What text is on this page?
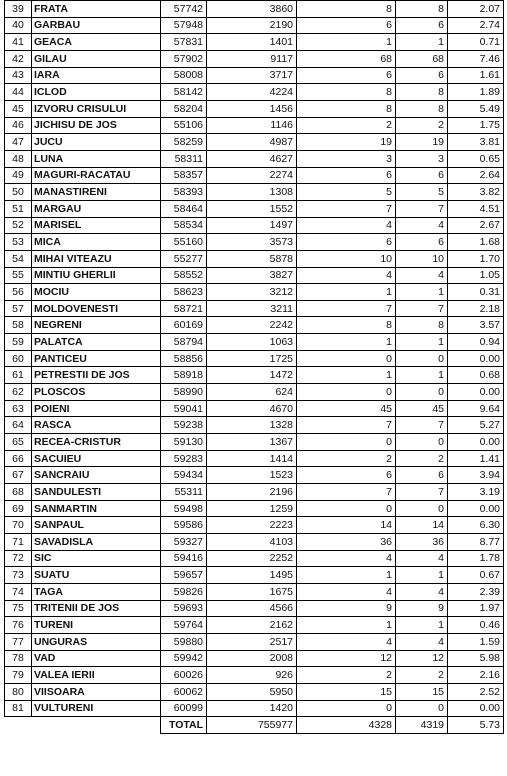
39	FRATA	57742	3860	8	8	2.07
40	GARBAU	57948	2190	6	6	2.74
41	GEACA	57831	1401	1	1	0.71
42	GILAU	57902	9117	68	68	7.46
43	IARA	58008	3717	6	6	1.61
44	ICLOD	58142	4224	8	8	1.89
45	IZVORU CRISULUI	58204	1456	8	8	5.49
46	JICHISU DE JOS	55106	1146	2	2	1.75
47	JUCU	58259	4987	19	19	3.81
48	LUNA	58311	4627	3	3	0.65
49	MAGURI-RACATAU	58357	2274	6	6	2.64
50	MANASTIRENI	58393	1308	5	5	3.82
51	MARGAU	58464	1552	7	7	4.51
52	MARISEL	58534	1497	4	4	2.67
53	MICA	55160	3573	6	6	1.68
54	MIHAI VITEAZU	55277	5878	10	10	1.70
55	MINTIU GHERLII	58552	3827	4	4	1.05
56	MOCIU	58623	3212	1	1	0.31
57	MOLDOVENESTI	58721	3211	7	7	2.18
58	NEGRENI	60169	2242	8	8	3.57
59	PALATCA	58794	1063	1	1	0.94
60	PANTICEU	58856	1725	0	0	0.00
61	PETRESTII DE JOS	58918	1472	1	1	0.68
62	PLOSCOS	58990	624	0	0	0.00
63	POIENI	59041	4670	45	45	9.64
64	RASCA	59238	1328	7	7	5.27
65	RECEA-CRISTUR	59130	1367	0	0	0.00
66	SACUIEU	59283	1414	2	2	1.41
67	SANCRAIU	59434	1523	6	6	3.94
68	SANDULESTI	55311	2196	7	7	3.19
69	SANMARTIN	59498	1259	0	0	0.00
70	SANPAUL	59586	2223	14	14	6.30
71	SAVADISLA	59327	4103	36	36	8.77
72	SIC	59416	2252	4	4	1.78
73	SUATU	59657	1495	1	1	0.67
74	TAGA	59826	1675	4	4	2.39
75	TRITENII DE JOS	59693	4566	9	9	1.97
76	TURENI	59764	2162	1	1	0.46
77	UNGURAS	59880	2517	4	4	1.59
78	VAD	59942	2008	12	12	5.98
79	VALEA IERII	60026	926	2	2	2.16
80	VIISOARA	60062	5950	15	15	2.52
81	VULTURENI	60099	1420	0	0	0.00
		TOTAL	755977	4328	4319	5.73
